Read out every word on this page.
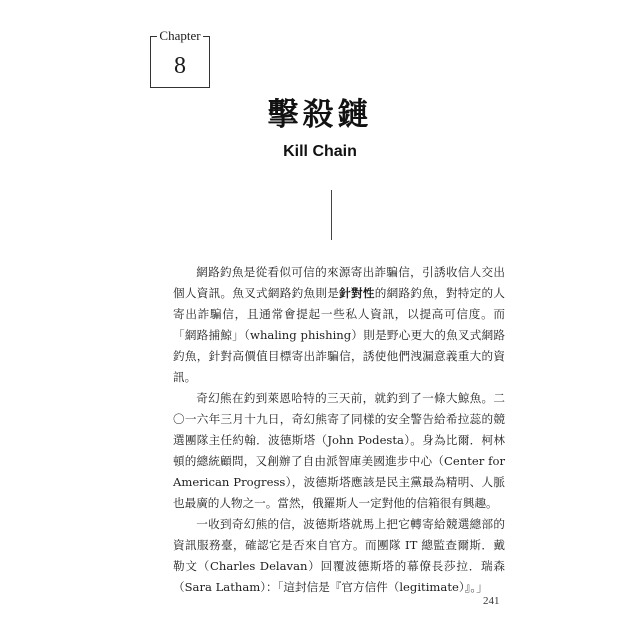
Chapter
8
擊殺鏈
Kill Chain

網路釣魚是從看似可信的來源寄出詐騙信，引誘收信人交出個人資訊。魚叉式網路釣魚則是針對性的網路釣魚，對特定的人寄出詐騙信，且通常會提起一些私人資訊，以提高可信度。而「網路捕鯨」（whaling phishing）則是野心更大的魚叉式網路釣魚，針對高價值目標寄出詐騙信，誘使他們洩漏意義重大的資訊。

奇幻熊在釣到萊恩哈特的三天前，就釣到了一條大鯨魚。二〇一六年三月十九日，奇幻熊寄了同樣的安全警告給希拉蕊的競選團隊主任約翰．波德斯塔（John Podesta）。身為比爾．柯林頓的總統顧問，又創辦了自由派智庫美國進步中心（Center for American Progress），波德斯塔應該是民主黨最為精明、人脈也最廣的人物之一。當然，俄羅斯人一定對他的信箱很有興趣。

一收到奇幻熊的信，波德斯塔就馬上把它轉寄給競選總部的資訊服務臺，確認它是否來自官方。而團隊 IT 總監查爾斯．戴勒文（Charles Delavan）回覆波德斯塔的幕僚長莎拉．瑞森（Sara Latham）：「這封信是『官方信件（legitimate）』。」

241
